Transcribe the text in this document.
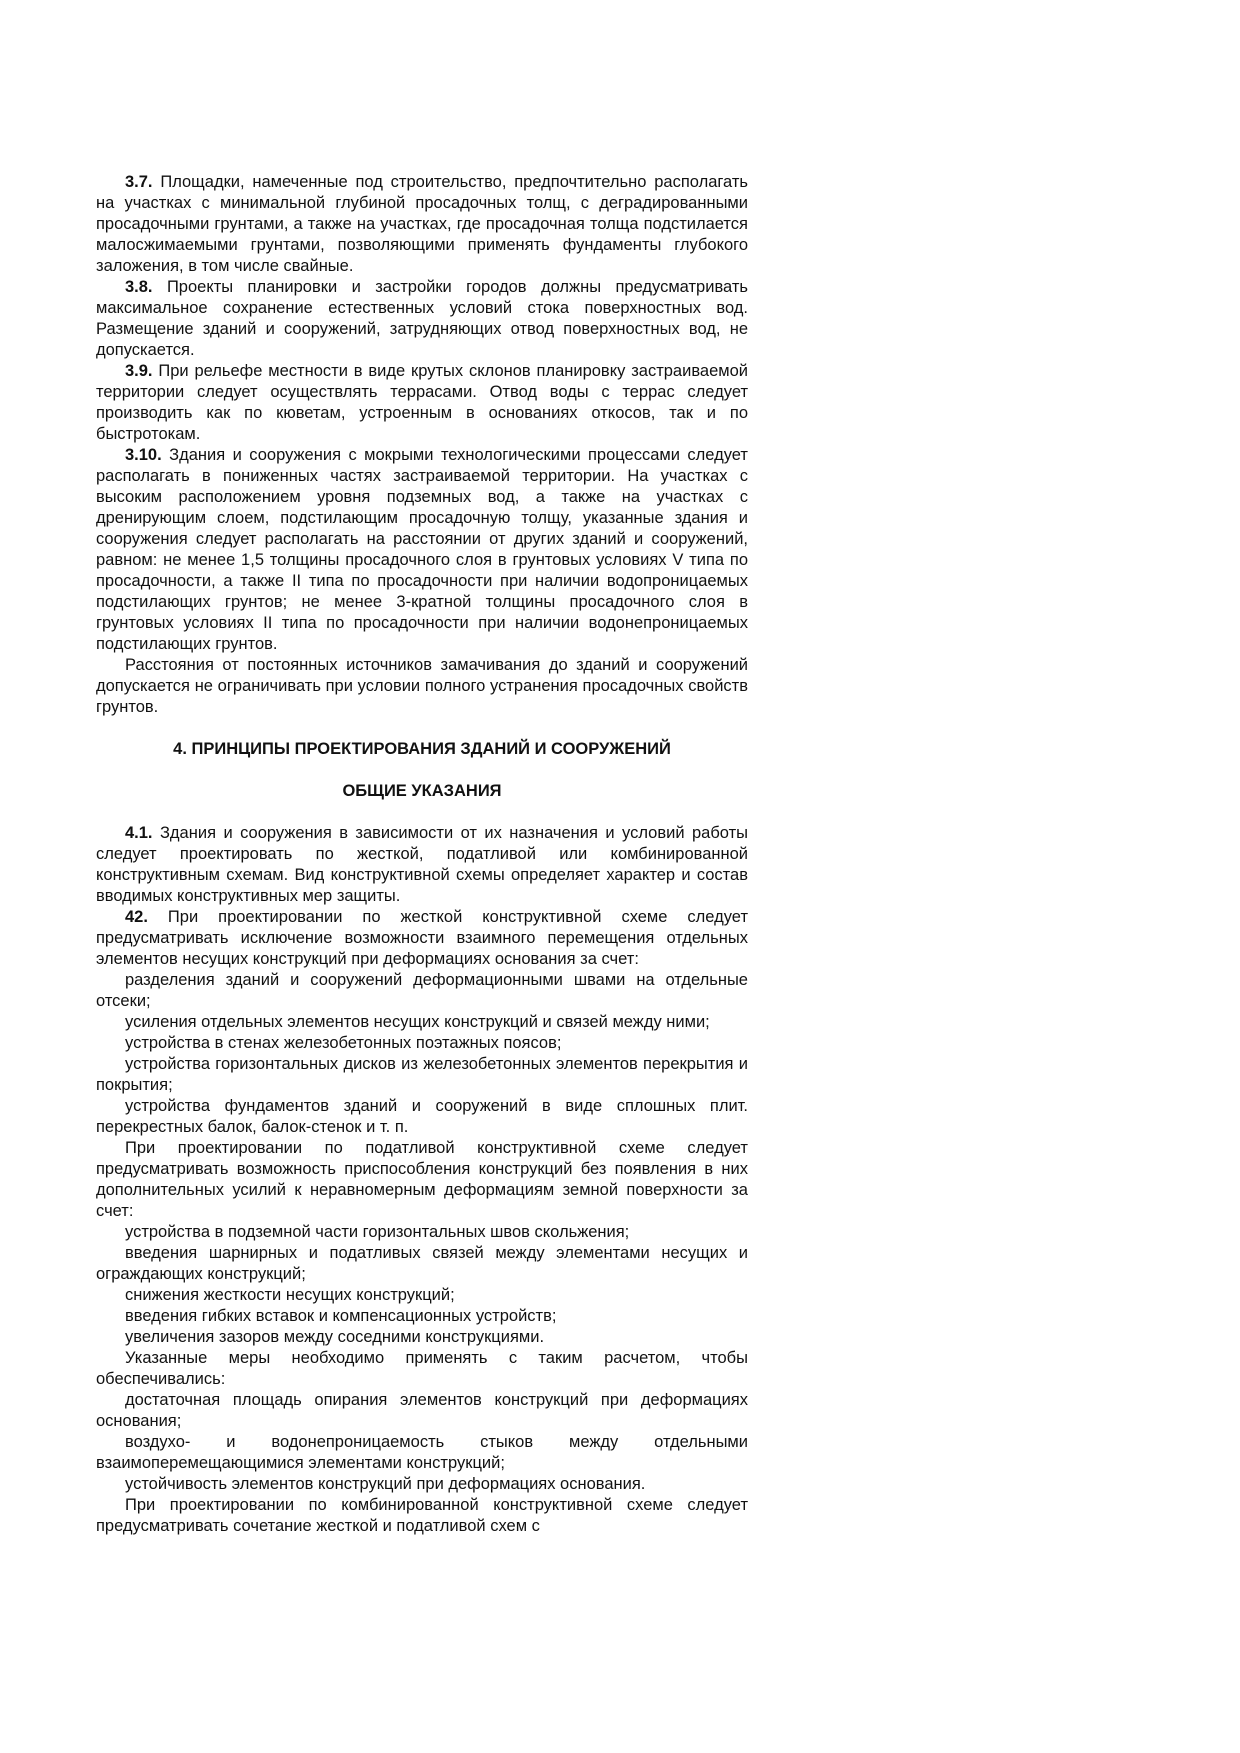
3.7. Площадки, намеченные под строительство, предпочтительно располагать на участках с минимальной глубиной просадочных толщ, с деградированными просадочными грунтами, а также на участках, где просадочная толща подстилается малосжимаемыми грунтами, позволяющими применять фундаменты глубокого заложения, в том числе свайные.

3.8. Проекты планировки и застройки городов должны предусматривать максимальное сохранение естественных условий стока поверхностных вод. Размещение зданий и сооружений, затрудняющих отвод поверхностных вод, не допускается.

3.9. При рельефе местности в виде крутых склонов планировку застраиваемой территории следует осуществлять террасами. Отвод воды с террас следует производить как по кюветам, устроенным в основаниях откосов, так и по быстротокам.

3.10. Здания и сооружения с мокрыми технологическими процессами следует располагать в пониженных частях застраиваемой территории. На участках с высоким расположением уровня подземных вод, а также на участках с дренирующим слоем, подстилающим просадочную толщу, указанные здания и сооружения следует располагать на расстоянии от других зданий и сооружений, равном: не менее 1,5 толщины просадочного слоя в грунтовых условиях V типа по просадочности, а также II типа по просадочности при наличии водопроницаемых подстилающих грунтов; не менее 3-кратной толщины просадочного слоя в грунтовых условиях II типа по просадочности при наличии водонепроницаемых подстилающих грунтов.

Расстояния от постоянных источников замачивания до зданий и сооружений допускается не ограничивать при условии полного устранения просадочных свойств грунтов.

4. ПРИНЦИПЫ ПРОЕКТИРОВАНИЯ ЗДАНИЙ И СООРУЖЕНИЙ

ОБЩИЕ УКАЗАНИЯ

4.1. Здания и сооружения в зависимости от их назначения и условий работы следует проектировать по жесткой, податливой или комбинированной конструктивным схемам. Вид конструктивной схемы определяет характер и состав вводимых конструктивных мер защиты.

42. При проектировании по жесткой конструктивной схеме следует предусматривать исключение возможности взаимного перемещения отдельных элементов несущих конструкций при деформациях основания за счет:

разделения зданий и сооружений деформационными швами на отдельные отсеки;

усиления отдельных элементов несущих конструкций и связей между ними;

устройства в стенах железобетонных поэтажных поясов;

устройства горизонтальных дисков из железобетонных элементов перекрытия и покрытия;

устройства фундаментов зданий и сооружений в виде сплошных плит. перекрестных балок, балок-стенок и т. п.

При проектировании по податливой конструктивной схеме следует предусматривать возможность приспособления конструкций без появления в них дополнительных усилий к неравномерным деформациям земной поверхности за счет:

устройства в подземной части горизонтальных швов скольжения;

введения шарнирных и податливых связей между элементами несущих и ограждающих конструкций;

снижения жесткости несущих конструкций;

введения гибких вставок и компенсационных устройств;

увеличения зазоров между соседними конструкциями.

Указанные меры необходимо применять с таким расчетом, чтобы обеспечивались:

достаточная площадь опирания элементов конструкций при деформациях основания;

воздухо- и водонепроницаемость стыков между отдельными взаимоперемещающимися элементами конструкций;

устойчивость элементов конструкций при деформациях основания.

При проектировании по комбинированной конструктивной схеме следует предусматривать сочетание жесткой и податливой схем с
